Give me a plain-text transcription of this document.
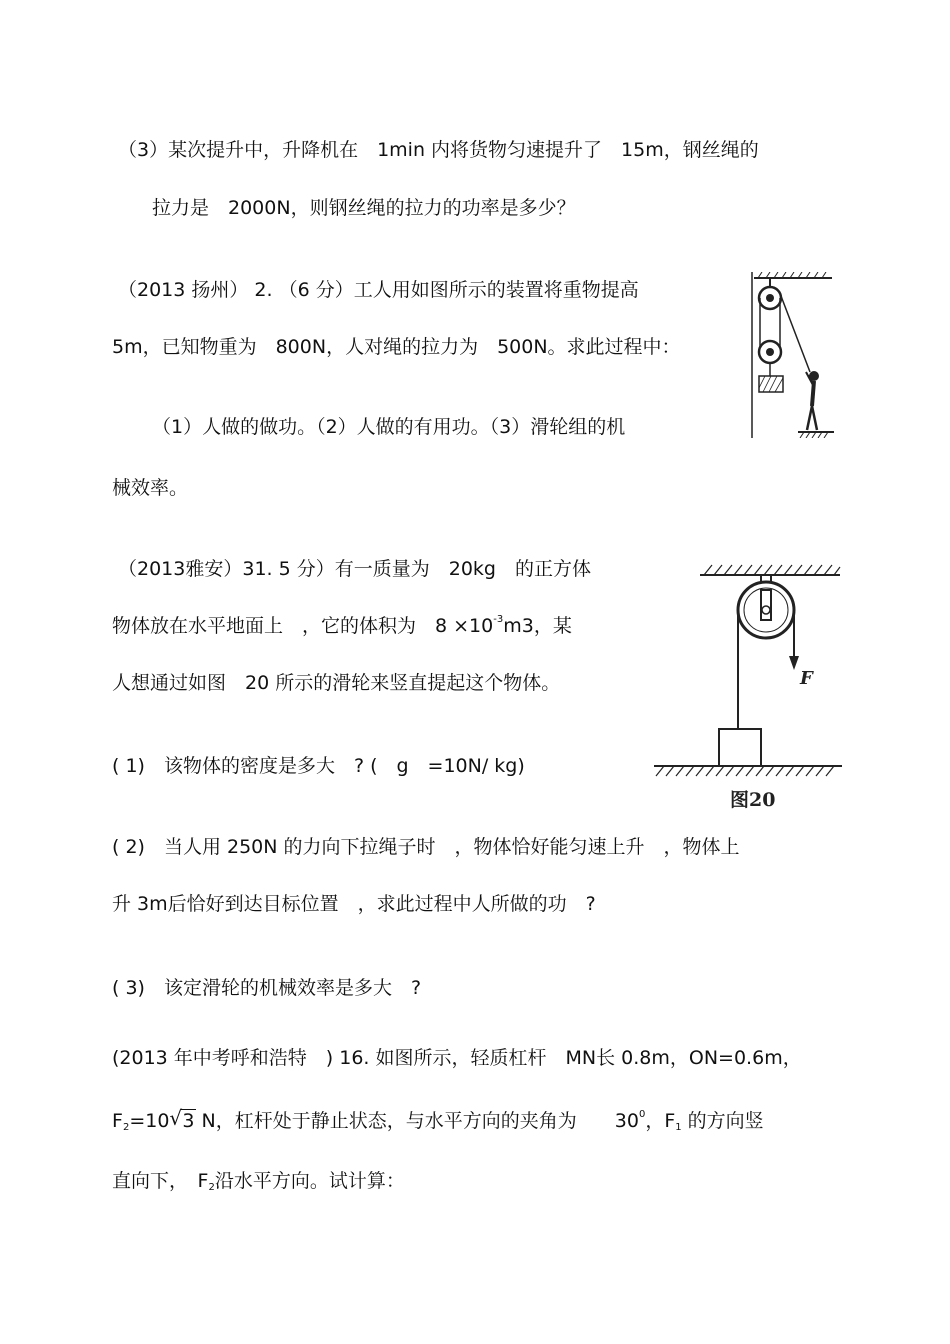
（3）某次提升中，升降机在　1min 内将货物匀速提升了　15m，钢丝绳的
拉力是　2000N，则钢丝绳的拉力的功率是多少？
（2013 扬州） 2. （6 分）工人用如图所示的装置将重物提高
5m，已知物重为　800N，人对绳的拉力为　500N。求此过程中：
（1）人做的做功。（2）人做的有用功。（3）滑轮组的机
械效率。
（2013雅安）31. 5 分）有一质量为　20kg　的正方体
物体放在水平地面上　，它的体积为　$8 \times 10^{-3}m3$，某
人想通过如图　20 所示的滑轮来竖直提起这个物体。
( 1)　该物体的密度是多大　? (　g　=10N/ kg)
( 2)　当人用 250N 的力向下拉绳子时　，物体恰好能匀速上升　，物体上
升 3m后恰好到达目标位置　，求此过程中人所做的功　?
( 3)　该定滑轮的机械效率是多大　?
F
图20
(2013 年中考呼和浩特　) 16. 如图所示，轻质杠杆　MN长 0.8m，ON=0.6m，
$F_2=10$ √ 3 N，杠杆处于静止状态，与水平方向的夹角为　　$30^0$，$F_1$ 的方向竖
直向下，　$F_2$沿水平方向。试计算：
